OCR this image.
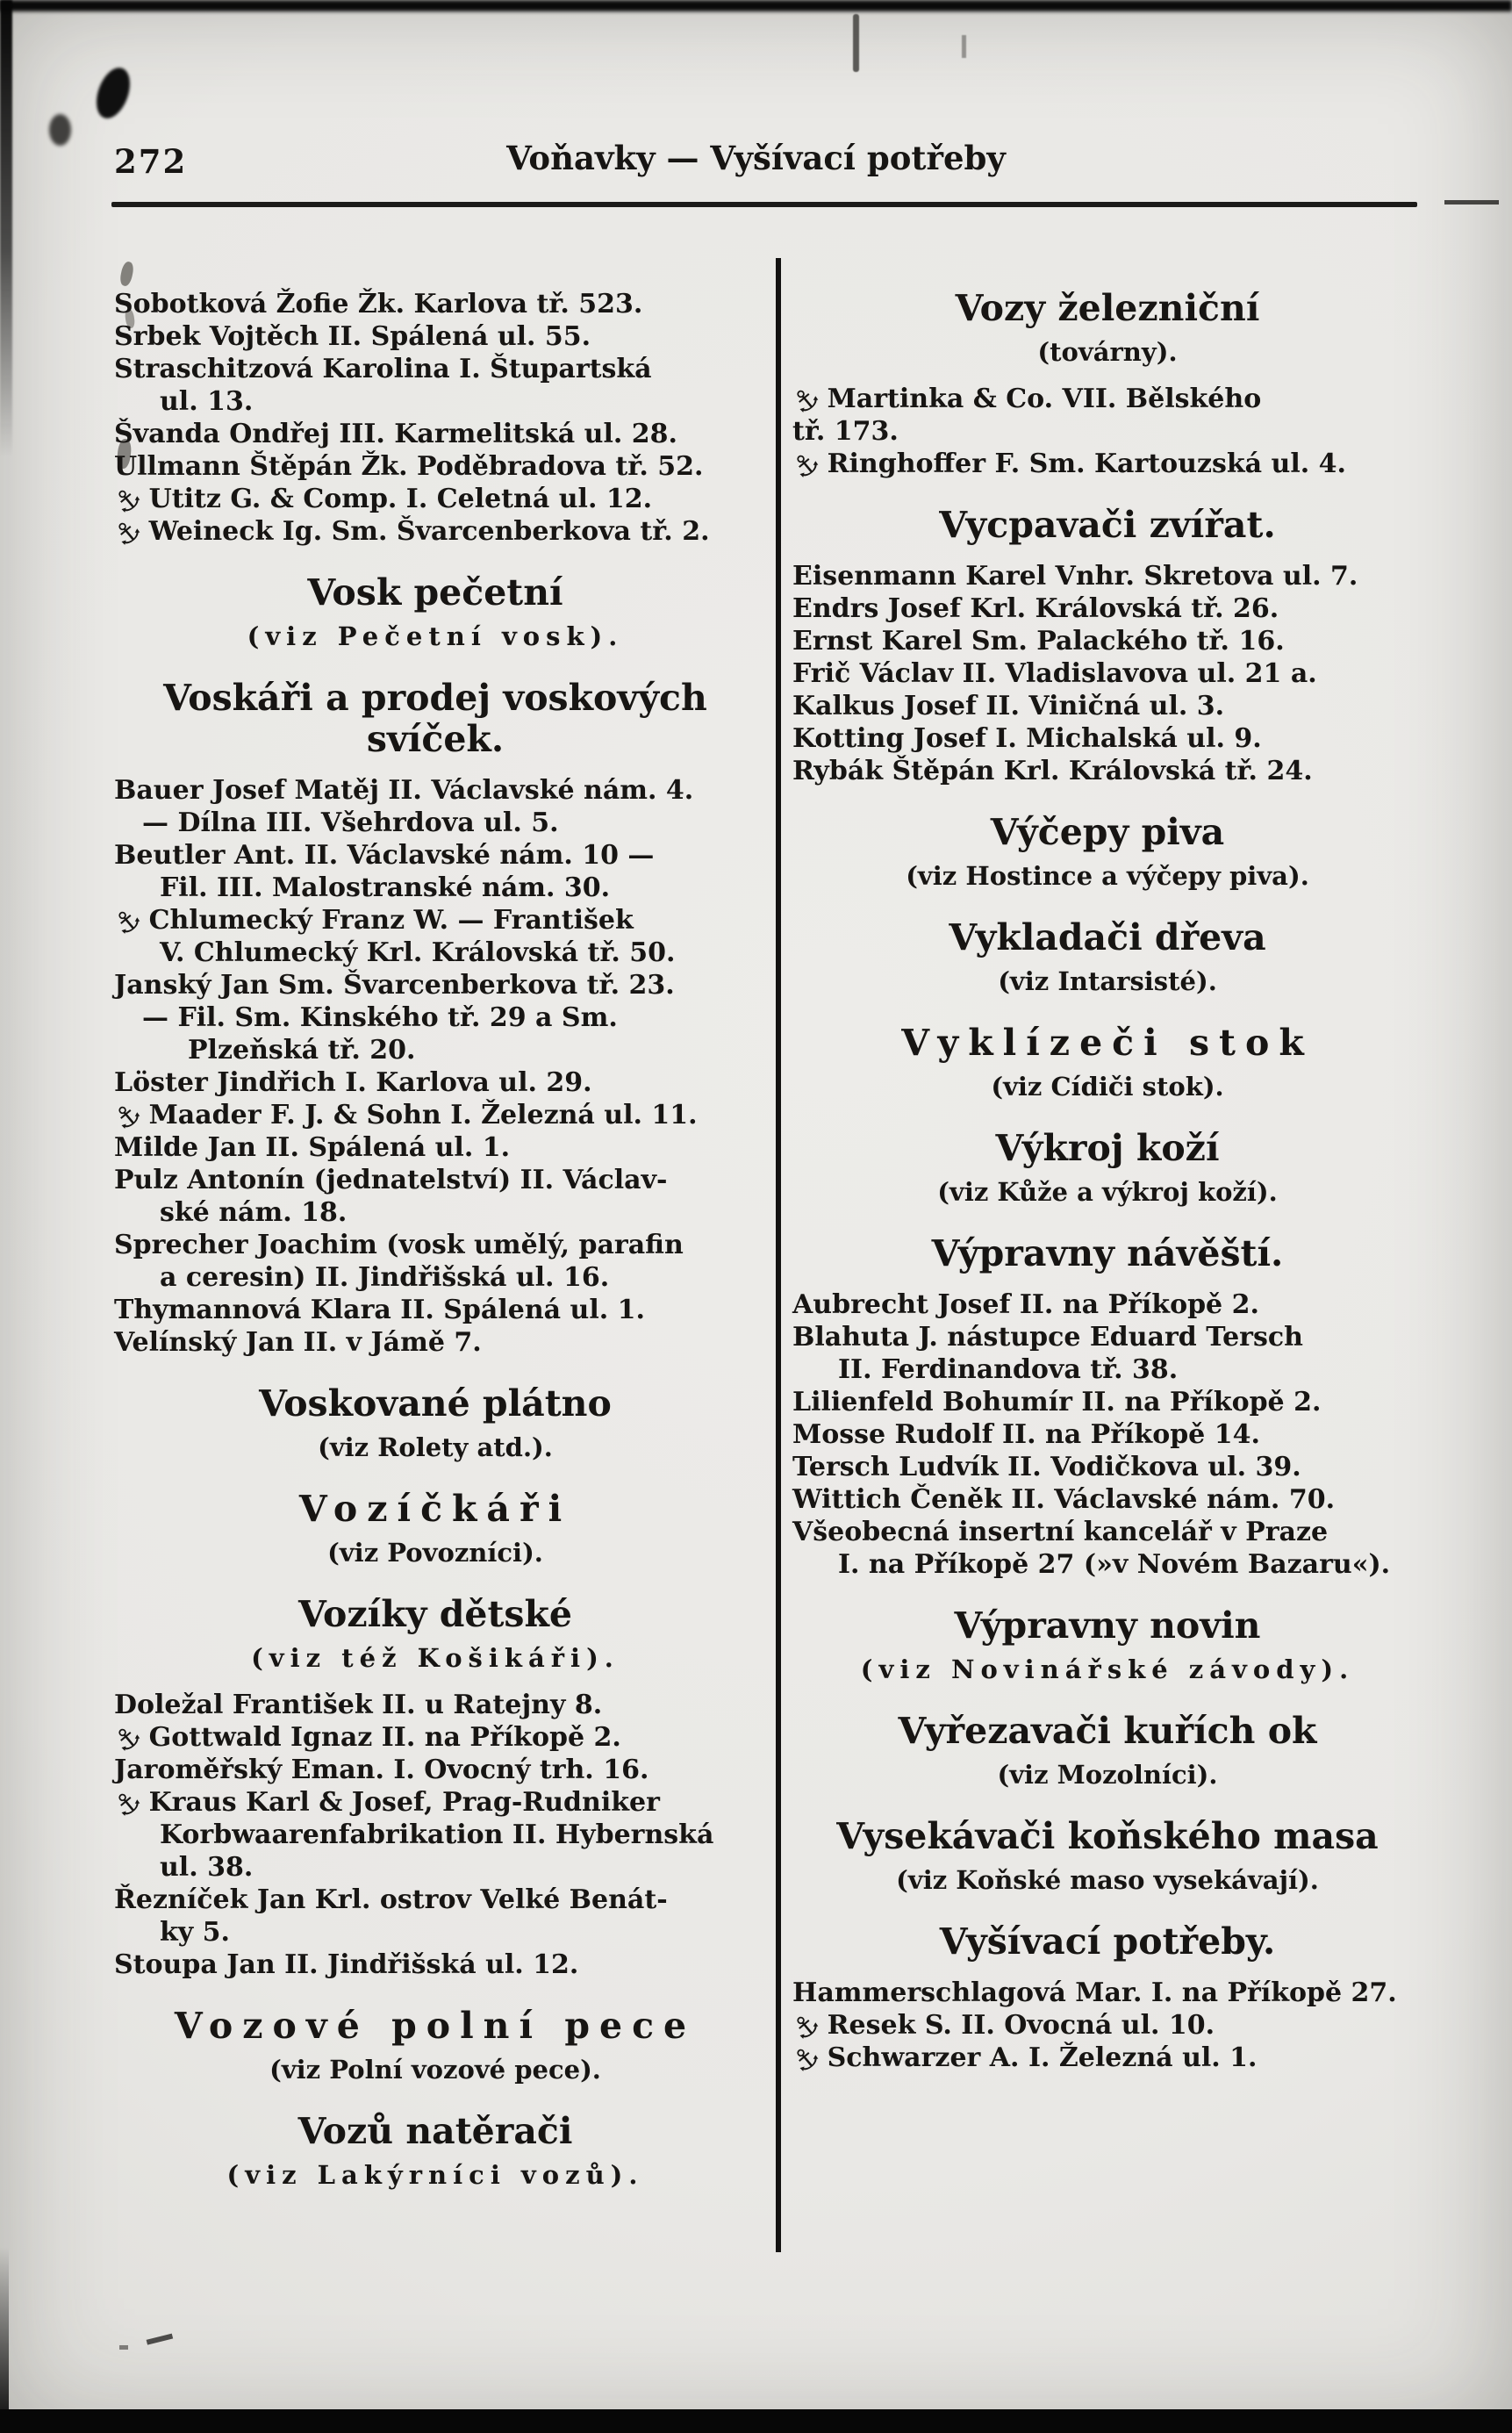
272	Voňavky — Vyšívací potřeby
Sobotková Žofie Žk. Karlova tř. 523.
Srbek Vojtěch II. Spálená ul. 55.
Straschitzová Karolina I. Štupartská
ul. 13.
Švanda Ondřej III. Karmelitská ul. 28.
Ullmann Štěpán Žk. Poděbradova tř. 52.
⚓Utitz G. & Comp. I. Celetná ul. 12.
⚓Weineck Ig. Sm. Švarcenberkova tř. 2.
Vosk pečetní
(viz Pečetní vosk).
Voskáři a prodej voskových svíček.
Bauer Josef Matěj II. Václavské nám. 4.
— Dílna III. Všehrdova ul. 5.
Beutler Ant. II. Václavské nám. 10 —
Fil. III. Malostranské nám. 30.
⚓Chlumecký Franz W. — František
V. Chlumecký Krl. Královská tř. 50.
Janský Jan Sm. Švarcenberkova tř. 23.
— Fil. Sm. Kinského tř. 29 a Sm.
Plzeňská tř. 20.
Löster Jindřich I. Karlova ul. 29.
⚓Maader F. J. & Sohn I. Železná ul. 11.
Milde Jan II. Spálená ul. 1.
Pulz Antonín (jednatelství) II. Václav-
ské nám. 18.
Sprecher Joachim (vosk umělý, parafin
a ceresin) II. Jindřišská ul. 16.
Thymannová Klara II. Spálená ul. 1.
Velínský Jan II. v Jámě 7.
Voskované plátno
(viz Rolety atd.).
Vozíčkáři
(viz Povozníci).
Vozíky dětské
(viz též Košikáři).
Doležal František II. u Ratejny 8.
⚓Gottwald Ignaz II. na Příkopě 2.
Jaroměřský Eman. I. Ovocný trh. 16.
⚓Kraus Karl & Josef, Prag-Rudniker
Korbwaarenfabrikation II. Hybernská
ul. 38.
Řezníček Jan Krl. ostrov Velké Benát-
ky 5.
Stoupa Jan II. Jindřišská ul. 12.
Vozové polní pece
(viz Polní vozové pece).
Vozů natěrači
(viz Lakýrníci vozů).
Vozy železniční
(továrny).
⚓Martinka & Co. VII. Bělského
tř. 173.
⚓Ringhoffer F. Sm. Kartouzská ul. 4.
Vycpavači zvířat.
Eisenmann Karel Vnhr. Skretova ul. 7.
Endrs Josef Krl. Královská tř. 26.
Ernst Karel Sm. Palackého tř. 16.
Frič Václav II. Vladislavova ul. 21 a.
Kalkus Josef II. Viničná ul. 3.
Kotting Josef I. Michalská ul. 9.
Rybák Štěpán Krl. Královská tř. 24.
Výčepy piva
(viz Hostince a výčepy piva).
Vykladači dřeva
(viz Intarsisté).
Vyklízeči stok
(viz Cídiči stok).
Výkroj koží
(viz Kůže a výkroj koží).
Výpravny návěští.
Aubrecht Josef II. na Příkopě 2.
Blahuta J. nástupce Eduard Tersch
II. Ferdinandova tř. 38.
Lilienfeld Bohumír II. na Příkopě 2.
Mosse Rudolf II. na Příkopě 14.
Tersch Ludvík II. Vodičkova ul. 39.
Wittich Čeněk II. Václavské nám. 70.
Všeobecná insertní kancelář v Praze
I. na Příkopě 27 (»v Novém Bazaru«).
Výpravny novin
(viz Novinářské závody).
Vyřezavači kuřích ok
(viz Mozolníci).
Vysekávači koňského masa
(viz Koňské maso vysekávají).
Vyšívací potřeby.
Hammerschlagová Mar. I. na Příkopě 27.
⚓Resek S. II. Ovocná ul. 10.
⚓Schwarzer A. I. Železná ul. 1.
